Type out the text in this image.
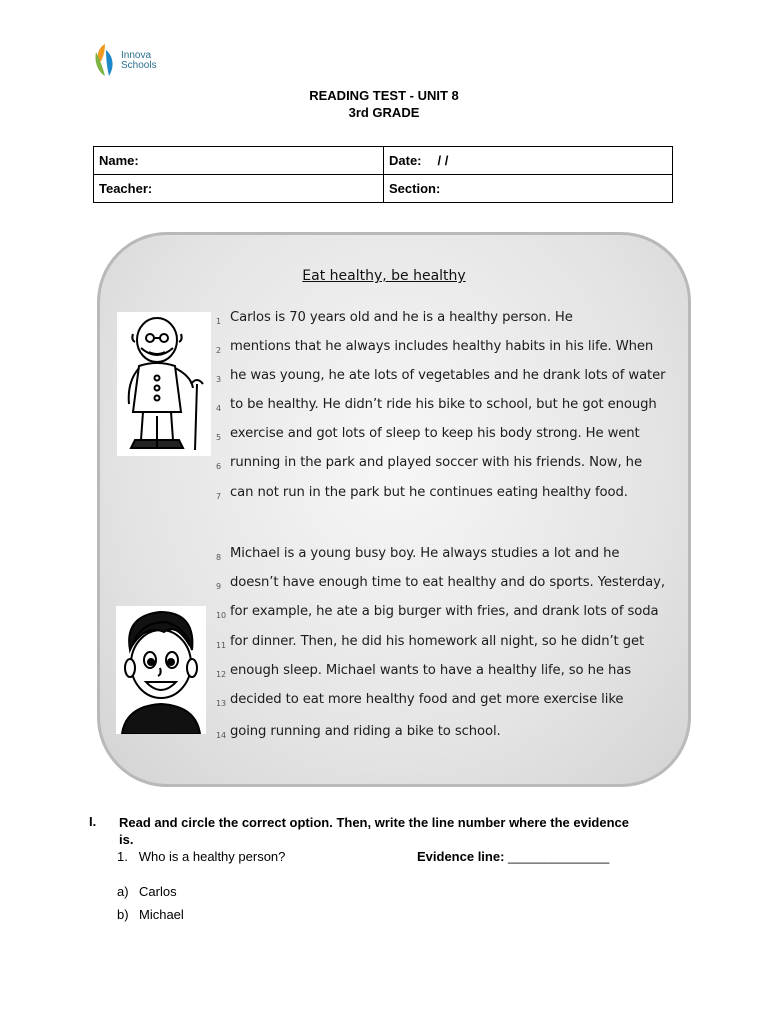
Innova
Schools
READING TEST - UNIT 8
3rd GRADE
Name:	Date: / /
Teacher:	Section:
Eat healthy, be healthy
1 Carlos is 70 years old and he is a healthy person. He
2 mentions that he always includes healthy habits in his life. When
3 he was young, he ate lots of vegetables and he drank lots of water
4 to be healthy. He didn’t ride his bike to school, but he got enough
5 exercise and got lots of sleep to keep his body strong. He went
6 running in the park and played soccer with his friends. Now, he
7 can not run in the park but he continues eating healthy food.
8 Michael is a young busy boy. He always studies a lot and he
9 doesn’t have enough time to eat healthy and do sports. Yesterday,
10 for example, he ate a big burger with fries, and drank lots of soda
11 for dinner. Then, he did his homework all night, so he didn’t get
12 enough sleep. Michael wants to have a healthy life, so he has
13 decided to eat more healthy food and get more exercise like
14 going running and riding a bike to school.
I. Read and circle the correct option. Then, write the line number where the evidence is.
1. Who is a healthy person?	Evidence line: ______________
a) Carlos
b) Michael
